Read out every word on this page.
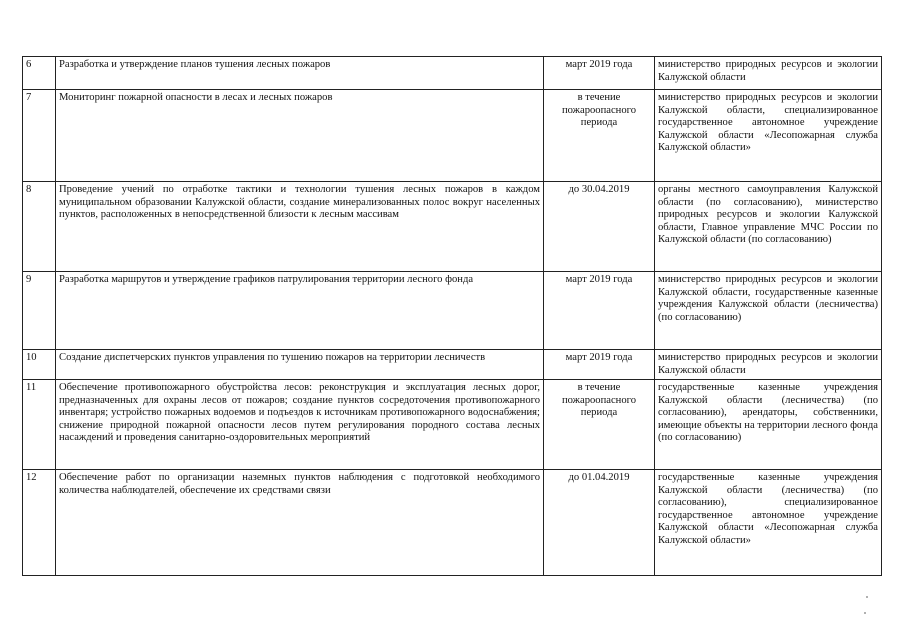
6	Разработка и утверждение планов тушения лесных пожаров	март 2019 года	министерство природных ресурсов и экологии Калужской области
7	Мониторинг пожарной опасности в лесах и лесных пожаров	в течение пожароопасного периода	министерство природных ресурсов и экологии Калужской области, специализированное государственное автономное учреждение Калужской области «Лесопожарная служба Калужской области»
8	Проведение учений по отработке тактики и технологии тушения лесных пожаров в каждом муниципальном образовании Калужской области, создание минерализованных полос вокруг населенных пунктов, расположенных в непосредственной близости к лесным массивам	до 30.04.2019	органы местного самоуправления Калужской области (по согласованию), министерство природных ресурсов и экологии Калужской области, Главное управление МЧС России по Калужской области (по согласованию)
9	Разработка маршрутов и утверждение графиков патрулирования территории лесного фонда	март 2019 года	министерство природных ресурсов и экологии Калужской области, государственные казенные учреждения Калужской области (лесничества) (по согласованию)
10	Создание диспетчерских пунктов управления по тушению пожаров на территории лесничеств	март 2019 года	министерство природных ресурсов и экологии Калужской области
11	Обеспечение противопожарного обустройства лесов: реконструкция и эксплуатация лесных дорог, предназначенных для охраны лесов от пожаров; создание пунктов сосредоточения противопожарного инвентаря; устройство пожарных водоемов и подъездов к источникам противопожарного водоснабжения; снижение природной пожарной опасности лесов путем регулирования породного состава лесных насаждений и проведения санитарно-оздоровительных мероприятий	в течение пожароопасного периода	государственные казенные учреждения Калужской области (лесничества) (по согласованию), арендаторы, собственники, имеющие объекты на территории лесного фонда (по согласованию)
12	Обеспечение работ по организации наземных пунктов наблюдения с подготовкой необходимого количества наблюдателей, обеспечение их средствами связи	до 01.04.2019	государственные казенные учреждения Калужской области (лесничества) (по согласованию), специализированное государственное автономное учреждение Калужской области «Лесопожарная служба Калужской области»
